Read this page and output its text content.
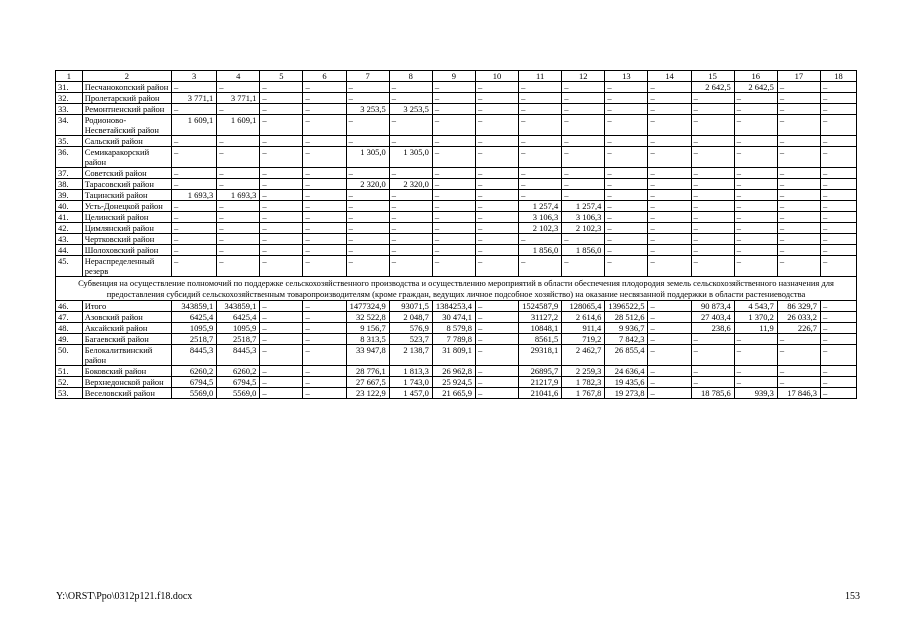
1	2	3	4	5	6	7	8	9	10	11	12	13	14	15	16	17	18
31.	Песчанокопский район	–	–	–	–	–	–	–	–	–	–	–	–	2 642,5	2 642,5	–	–
32.	Пролетарский район	3 771,1	3 771,1	–	–	–	–	–	–	–	–	–	–	–	–	–	–
33.	Ремонтненский район	–	–	–	–	3 253,5	3 253,5	–	–	–	–	–	–	–	–	–	–
34.	Родионово-Несветайский район	1 609,1	1 609,1	–	–	–	–	–	–	–	–	–	–	–	–	–	–
35.	Сальский район	–	–	–	–	–	–	–	–	–	–	–	–	–	–	–	–
36.	Семикаракорский район	–	–	–	–	1 305,0	1 305,0	–	–	–	–	–	–	–	–	–	–
37.	Советский район	–	–	–	–	–	–	–	–	–	–	–	–	–	–	–	–
38.	Тарасовский район	–	–	–	–	2 320,0	2 320,0	–	–	–	–	–	–	–	–	–	–
39.	Тацинский район	1 693,3	1 693,3	–	–	–	–	–	–	–	–	–	–	–	–	–	–
40.	Усть-Донецкой район	–	–	–	–	–	–	–	–	1 257,4	1 257,4	–	–	–	–	–	–
41.	Целинский район	–	–	–	–	–	–	–	–	3 106,3	3 106,3	–	–	–	–	–	–
42.	Цимлянский район	–	–	–	–	–	–	–	–	2 102,3	2 102,3	–	–	–	–	–	–
43.	Чертковский район	–	–	–	–	–	–	–	–	–	–	–	–	–	–	–	–
44.	Шолоховский район	–	–	–	–	–	–	–	–	1 856,0	1 856,0	–	–	–	–	–	–
45.	Нераспределенный резерв	–	–	–	–	–	–	–	–	–	–	–	–	–	–	–	–
Субвенция на осуществление полномочий по поддержке сельскохозяйственного производства и осуществлению мероприятий в области обеспечения плодородия земель сельскохозяйственного назначения для предоставления субсидий сельскохозяйственным товаропроизводителям (кроме граждан, ведущих личное подсобное хозяйство) на оказание несвязанной поддержки в области растениеводства																	
46.	Итого	343859,1	343859,1	–	–	1477324,9	93071,5	1384253,4	–	1524587,9	128065,4	1396522,5	–	90 873,4	4 543,7	86 329,7	–
47.	Азовский район	6425,4	6425,4	–	–	32 522,8	2 048,7	30 474,1	–	31127,2	2 614,6	28 512,6	–	27 403,4	1 370,2	26 033,2	–
48.	Аксайский район	1095,9	1095,9	–	–	9 156,7	576,9	8 579,8	–	10848,1	911,4	9 936,7	–	238,6	11,9	226,7	–
49.	Багаевский район	2518,7	2518,7	–	–	8 313,5	523,7	7 789,8	–	8561,5	719,2	7 842,3	–	–	–	–	–
50.	Белокалитвинский район	8445,3	8445,3	–	–	33 947,8	2 138,7	31 809,1	–	29318,1	2 462,7	26 855,4	–	–	–	–	–
51.	Боковский район	6260,2	6260,2	–	–	28 776,1	1 813,3	26 962,8	–	26895,7	2 259,3	24 636,4	–	–	–	–	–
52.	Верхнедонской район	6794,5	6794,5	–	–	27 667,5	1 743,0	25 924,5	–	21217,9	1 782,3	19 435,6	–	–	–	–	–
53.	Веселовский район	5569,0	5569,0	–	–	23 122,9	1 457,0	21 665,9	–	21041,6	1 767,8	19 273,8	–	18 785,6	939,3	17 846,3	–
Y:\ORST\Ppo\0312p121.f18.docx	153
